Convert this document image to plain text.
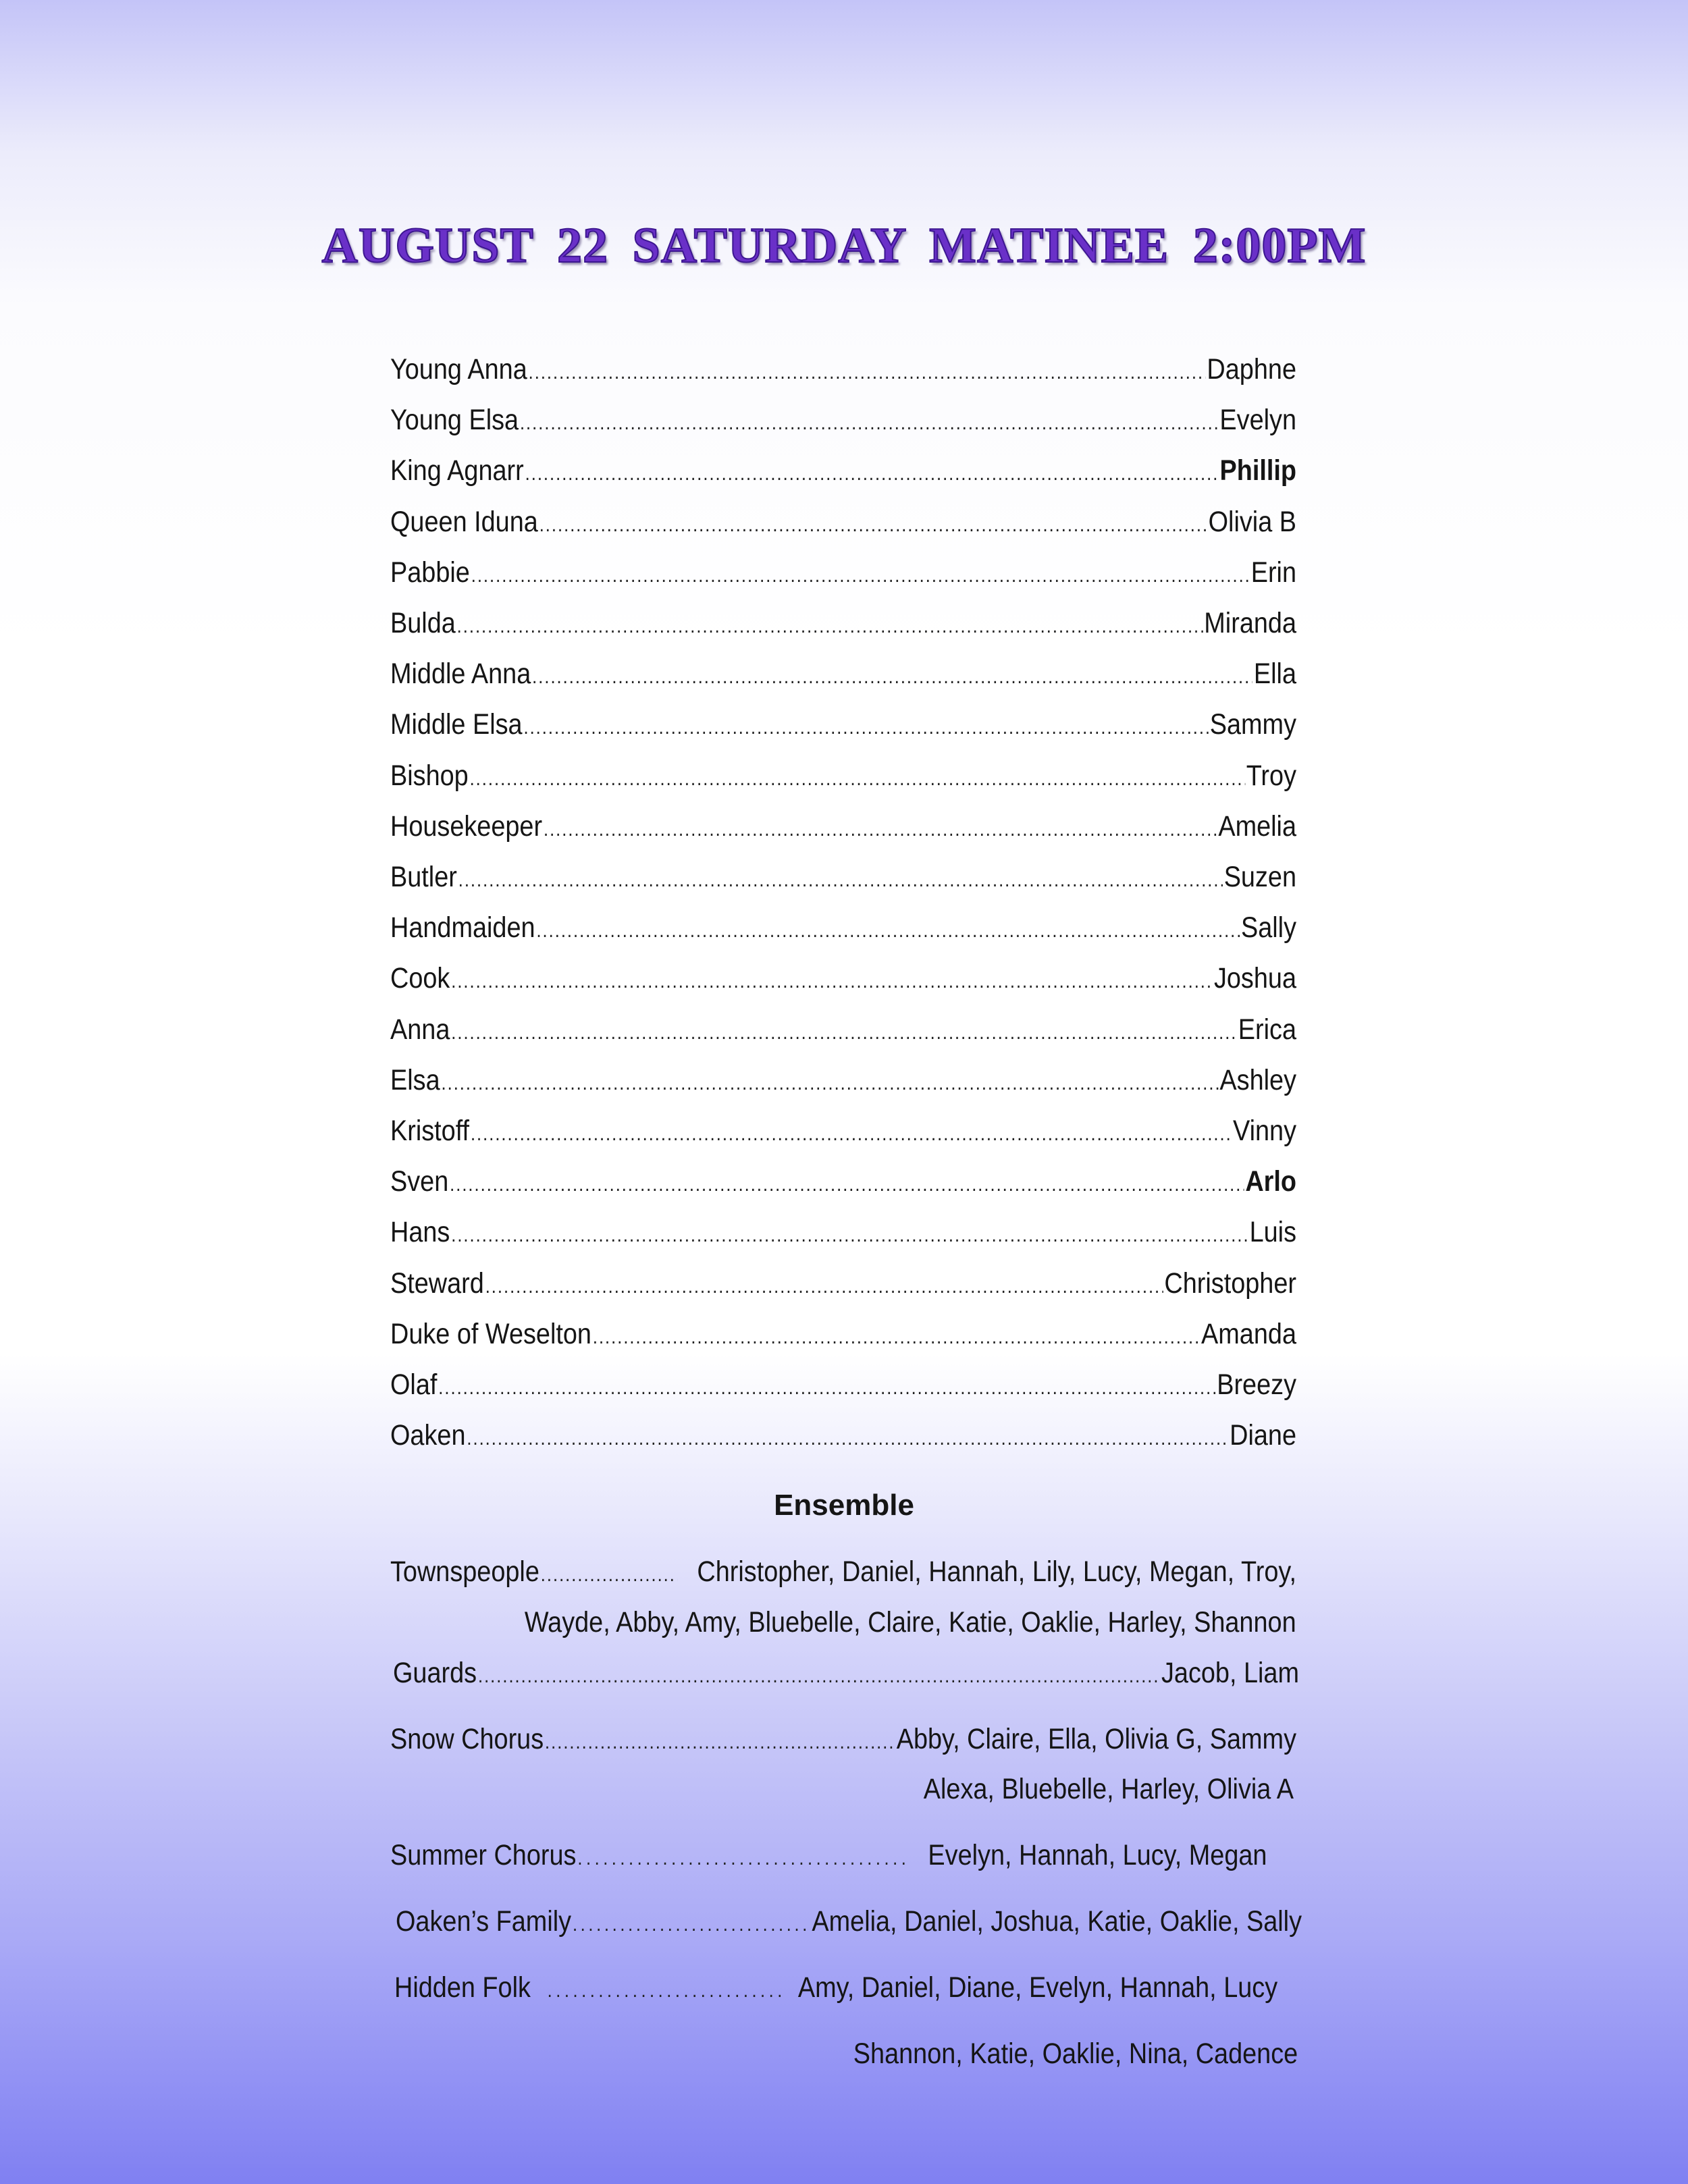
AUGUST 22 SATURDAY MATINEE 2:00PM
Young Anna .....	Daphne
Young Elsa .....	Evelyn
King Agnarr .....	Phillip
Queen Iduna .....	Olivia B
Pabbie .....	Erin
Bulda .....	Miranda
Middle Anna .....	Ella
Middle Elsa .....	Sammy
Bishop .....	Troy
Housekeeper .....	Amelia
Butler .....	Suzen
Handmaiden .....	Sally
Cook .....	Joshua
Anna .....	Erica
Elsa .....	Ashley
Kristoff .....	Vinny
Sven .....	Arlo
Hans .....	Luis
Steward .....	Christopher
Duke of Weselton .....	Amanda
Olaf .....	Breezy
Oaken .....	Diane
Ensemble
Townspeople .....	Christopher, Daniel, Hannah, Lily, Lucy, Megan, Troy,
Wayde, Abby, Amy, Bluebelle, Claire, Katie, Oaklie, Harley, Shannon
Guards .....	Jacob, Liam
Snow Chorus .....	Abby, Claire, Ella, Olivia G, Sammy
Alexa, Bluebelle, Harley, Olivia A
Summer Chorus .....	Evelyn, Hannah, Lucy, Megan
Oaken’s Family .....	Amelia, Daniel, Joshua, Katie, Oaklie, Sally
Hidden Folk .....	Amy, Daniel, Diane, Evelyn, Hannah, Lucy
Shannon, Katie, Oaklie, Nina, Cadence
